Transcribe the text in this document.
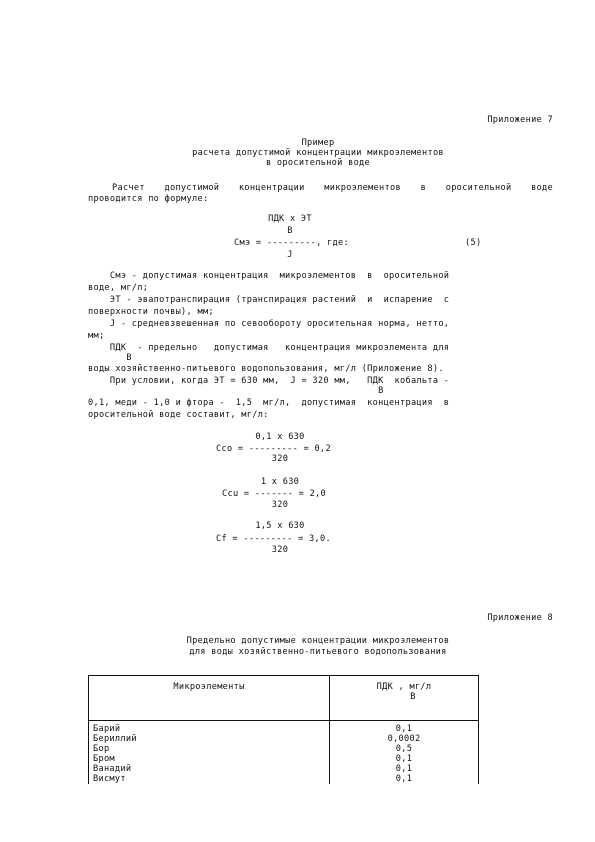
Приложение 7
Пример
расчета допустимой концентрации микроэлементов
в оросительной воде
Расчет допустимой концентрации микроэлементов в оросительной воде
проводится по формуле:
ПДК x ЭТ
В
Смэ = ---------, где:	(5)
J
Смэ - допустимая концентрация  микроэлементов  в  оросительной
воде, мг/л;
ЭТ - эвапотранспирация (транспирация растений  и  испарение  с
поверхности почвы), мм;
J - средневзвешенная по севообороту оросительная норма, нетто,
мм;
ПДК  - предельно   допустимая   концентрация микроэлемента для
В
воды хозяйственно-питьевого водопользования, мг/л (Приложение 8).
При условии, когда ЭТ = 630 мм,  J = 320 мм,   ПДК  кобальта -
В
0,1, меди - 1,0 и фтора -  1,5  мг/л,  допустимая  концентрация  в
оросительной воде составит, мг/л:
0,1 x 630
Cco = --------- = 0,2
320
1 x 630
Ccu = ------- = 2,0
320
1,5 x 630
Cf = --------- = 3,0.
320
Приложение 8
Предельно допустимые концентрации микроэлементов
для воды хозяйственно-питьевого водопользования
Микроэлементы	ПДК , мг/л
В

Барий	0,1
Бериллий	0,0002
Бор	0,5
Бром	0,1
Ванадий	0,1
Висмут	0,1
